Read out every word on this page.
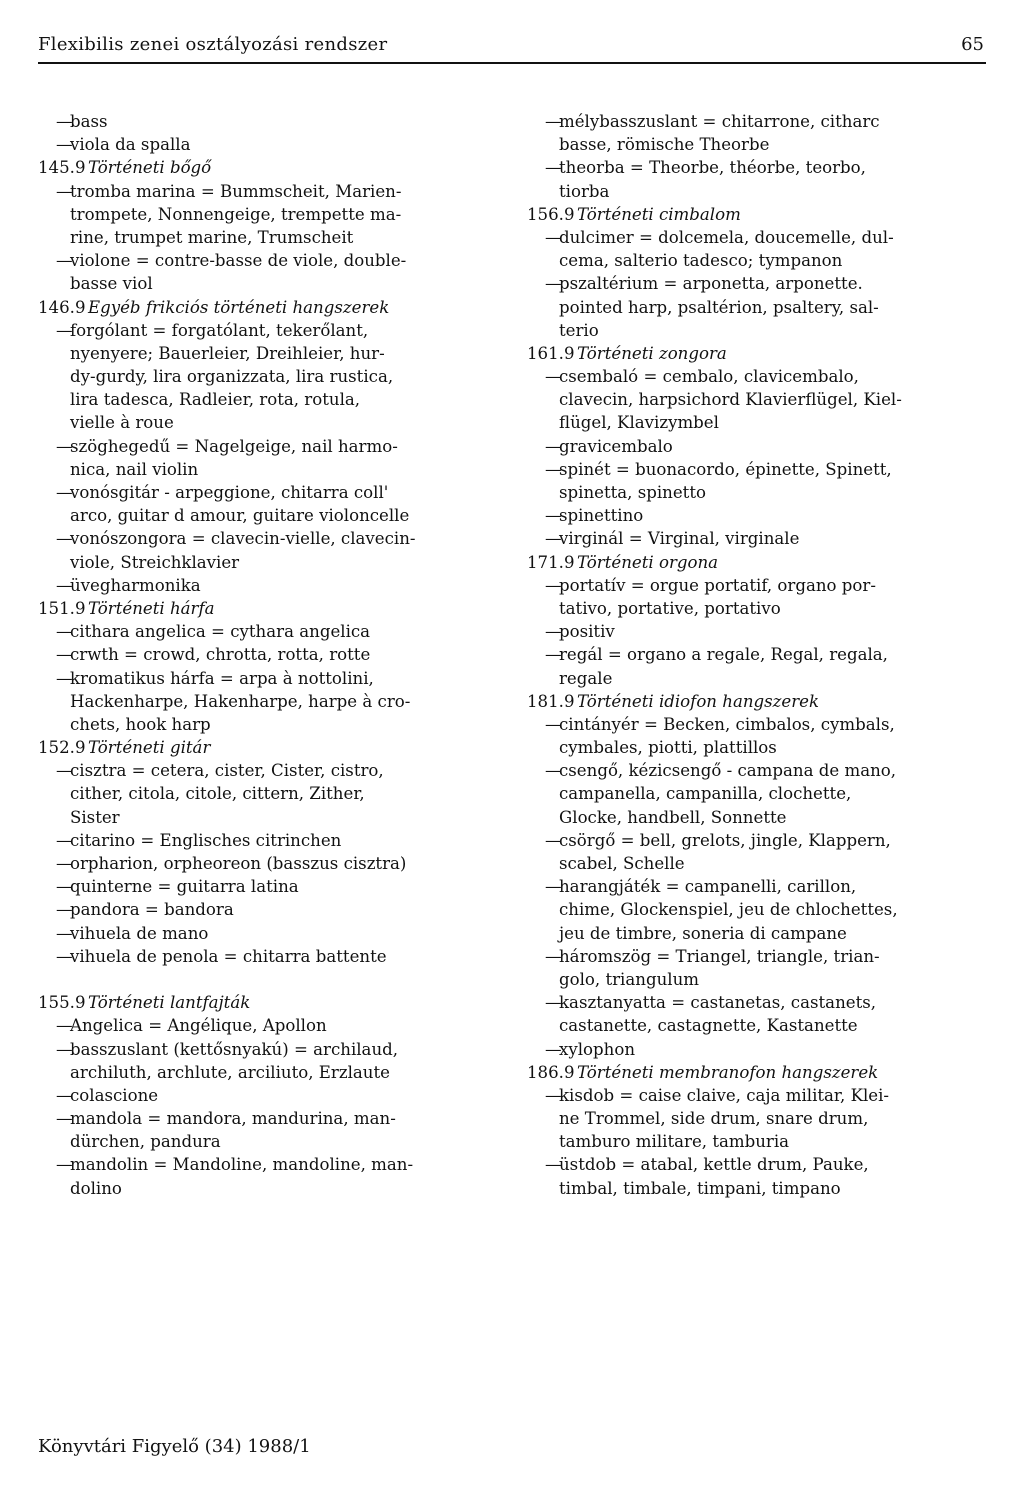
Flexibilis zenei osztályozási rendszer	65
—
bass
—
viola da spalla
145.9 Történeti bőgő
—
tromba marina = Bummscheit, Marien-
trompete, Nonnengeige, trempette ma-
rine, trumpet marine, Trumscheit
—
violone = contre-basse de viole, double-
basse viol
146.9 Egyéb frikciós történeti hangszerek
—
forgólant = forgatólant, tekerőlant,
nyenyere; Bauerleier, Dreihleier, hur-
dy-gurdy, lira organizzata, lira rustica,
lira tadesca, Radleier, rota, rotula,
vielle à roue
—
szöghegedű = Nagelgeige, nail harmo-
nica, nail violin
—
vonósgitár - arpeggione, chitarra coll'
arco, guitar d amour, guitare violoncelle
—
vonószongora = clavecin-vielle, clavecin-
viole, Streichklavier
—
üvegharmonika
151.9 Történeti hárfa
—
cithara angelica = cythara angelica
—
crwth = crowd, chrotta, rotta, rotte
—
kromatikus hárfa = arpa à nottolini,
Hackenharpe, Hakenharpe, harpe à cro-
chets, hook harp
152.9 Történeti gitár
—
cisztra = cetera, cister, Cister, cistro,
cither, citola, citole, cittern, Zither,
Sister
—
citarino = Englisches citrinchen
—
orpharion, orpheoreon (basszus cisztra)
—
quinterne = guitarra latina
—
pandora = bandora
—
vihuela de mano
—
vihuela de penola = chitarra battente
155.9 Történeti lantfajták
—
Angelica = Angélique, Apollon
—
basszuslant (kettősnyakú) = archilaud,
archiluth, archlute, arciliuto, Erzlaute
—
colascione
—
mandola = mandora, mandurina, man-
dürchen, pandura
—
mandolin = Mandoline, mandoline, man-
dolino
—
mélybasszuslant = chitarrone, citharc
basse, römische Theorbe
—
theorba = Theorbe, théorbe, teorbo,
tiorba
156.9 Történeti cimbalom
—
dulcimer = dolcemela, doucemelle, dul-
cema, salterio tadesco; tympanon
—
pszaltérium = arponetta, arponette.
pointed harp, psaltérion, psaltery, sal-
terio
161.9 Történeti zongora
—
csembaló = cembalo, clavicembalo,
clavecin, harpsichord Klavierflügel, Kiel-
flügel, Klavizymbel
—
gravicembalo
—
spinét = buonacordo, épinette, Spinett,
spinetta, spinetto
—
spinettino
—
virginál = Virginal, virginale
171.9 Történeti orgona
—
portatív = orgue portatif, organo por-
tativo, portative, portativo
—
positiv
—
regál = organo a regale, Regal, regala,
regale
181.9 Történeti idiofon hangszerek
—
cintányér = Becken, cimbalos, cymbals,
cymbales, piotti, plattillos
—
csengő, kézicsengő - campana de mano,
campanella, campanilla, clochette,
Glocke, handbell, Sonnette
—
csörgő = bell, grelots, jingle, Klappern,
scabel, Schelle
—
harangjáték = campanelli, carillon,
chime, Glockenspiel, jeu de chlochettes,
jeu de timbre, soneria di campane
—
háromszög = Triangel, triangle, trian-
golo, triangulum
—
kasztanyatta = castanetas, castanets,
castanette, castagnette, Kastanette
—
xylophon
186.9 Történeti membranofon hangszerek
—
kisdob = caise claive, caja militar, Klei-
ne Trommel, side drum, snare drum,
tamburo militare, tamburia
—
üstdob = atabal, kettle drum, Pauke,
timbal, timbale, timpani, timpano
Könyvtári Figyelő (34) 1988/1
